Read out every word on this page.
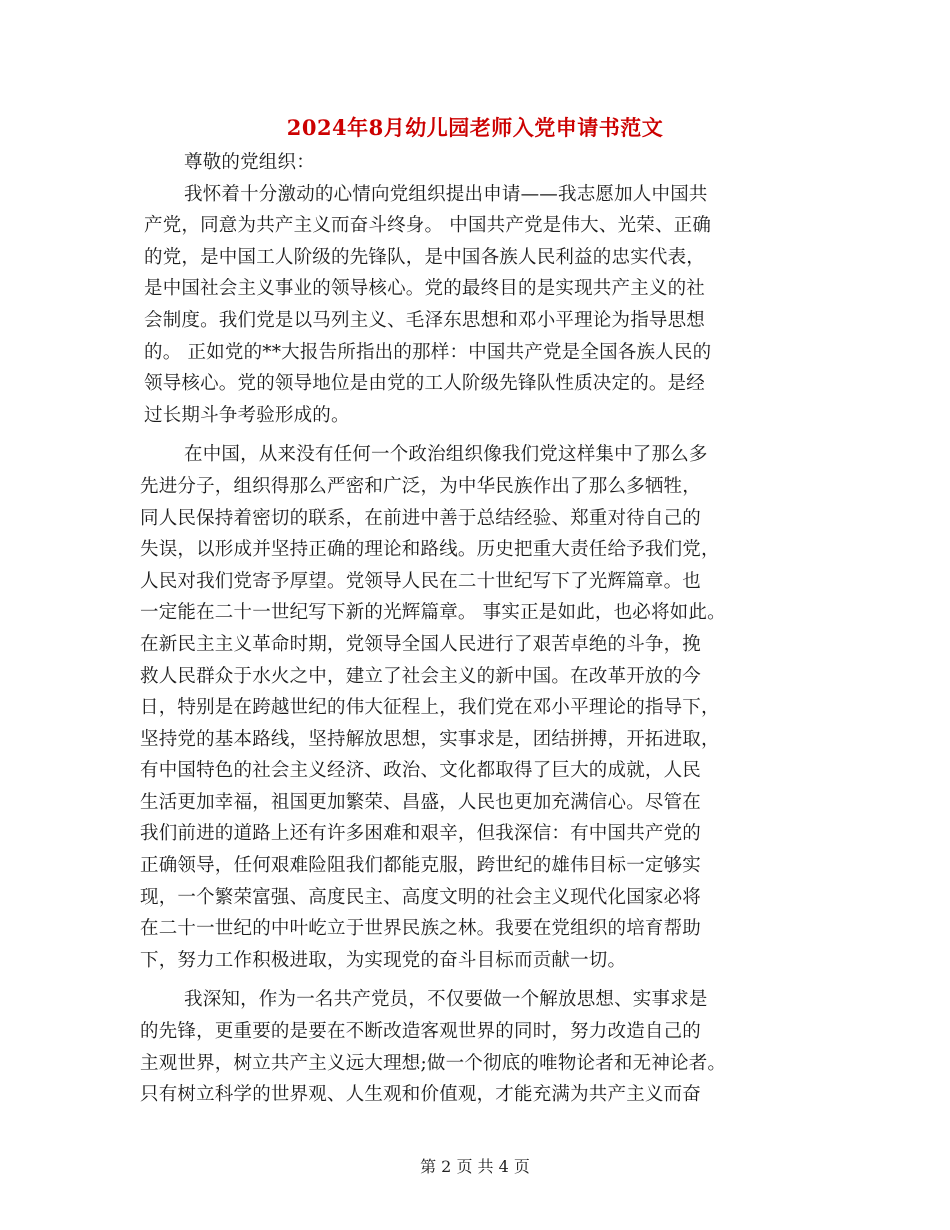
2024年8月幼儿园老师入党申请书范文
尊敬的党组织：
我怀着十分激动的心情向党组织提出申请——我志愿加人中国共
产党，同意为共产主义而奋斗终身。 中国共产党是伟大、光荣、正确
的党，是中国工人阶级的先锋队，是中国各族人民利益的忠实代表，
是中国社会主义事业的领导核心。党的最终目的是实现共产主义的社
会制度。我们党是以马列主义、毛泽东思想和邓小平理论为指导思想
的。 正如党的**大报告所指出的那样：中国共产党是全国各族人民的
领导核心。党的领导地位是由党的工人阶级先锋队性质决定的。是经
过长期斗争考验形成的。
在中国，从来没有任何一个政治组织像我们党这样集中了那么多
先进分子，组织得那么严密和广泛，为中华民族作出了那么多牺牲，
同人民保持着密切的联系，在前进中善于总结经验、郑重对待自己的
失误，以形成并坚持正确的理论和路线。历史把重大责任给予我们党，
人民对我们党寄予厚望。党领导人民在二十世纪写下了光辉篇章。也
一定能在二十一世纪写下新的光辉篇章。 事实正是如此，也必将如此。
在新民主主义革命时期，党领导全国人民进行了艰苦卓绝的斗争，挽
救人民群众于水火之中，建立了社会主义的新中国。在改革开放的今
日，特别是在跨越世纪的伟大征程上，我们党在邓小平理论的指导下，
坚持党的基本路线，坚持解放思想，实事求是，团结拼搏，开拓进取，
有中国特色的社会主义经济、政治、文化都取得了巨大的成就，人民
生活更加幸福，祖国更加繁荣、昌盛，人民也更加充满信心。尽管在
我们前进的道路上还有许多困难和艰辛，但我深信：有中国共产党的
正确领导，任何艰难险阻我们都能克服，跨世纪的雄伟目标一定够实
现，一个繁荣富强、高度民主、高度文明的社会主义现代化国家必将
在二十一世纪的中叶屹立于世界民族之林。我要在党组织的培育帮助
下，努力工作积极进取，为实现党的奋斗目标而贡献一切。
我深知，作为一名共产党员，不仅要做一个解放思想、实事求是
的先锋，更重要的是要在不断改造客观世界的同时，努力改造自己的
主观世界，树立共产主义远大理想;做一个彻底的唯物论者和无神论者。
只有树立科学的世界观、人生观和价值观，才能充满为共产主义而奋
第 2 页 共 4 页
